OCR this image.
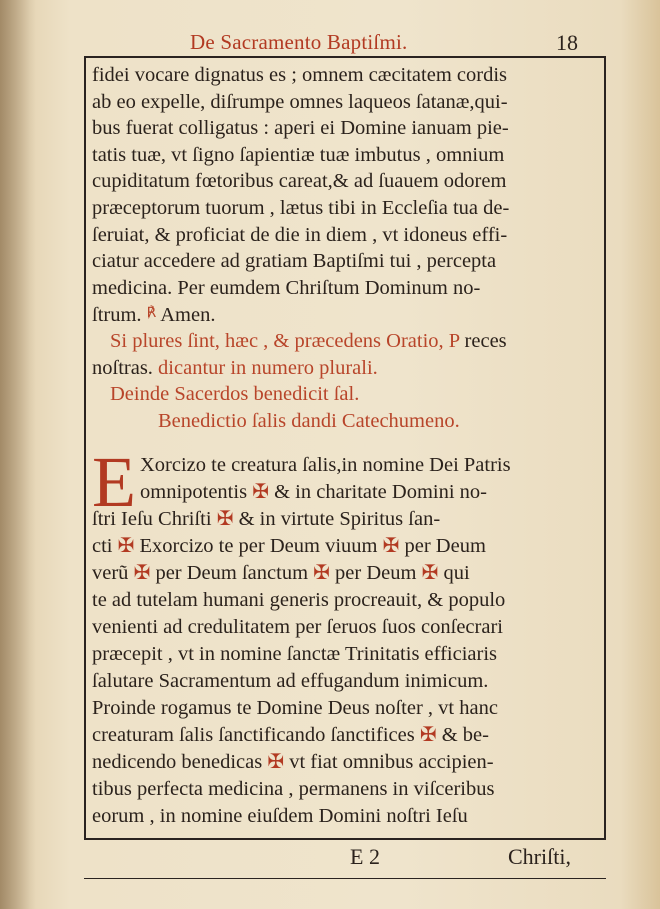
De Sacramento Baptiſmi.	18
fidei vocare dignatus es ; omnem cæcitatem cordis
ab eo expelle, diſrumpe omnes laqueos ſatanæ,qui-
bus fuerat colligatus : aperi ei Domine ianuam pie-
tatis tuæ, vt ſigno ſapientiæ tuæ imbutus , omnium
cupiditatum fœtoribus careat,& ad ſuauem odorem
præceptorum tuorum , lætus tibi in Eccleſia tua de-
ſeruiat, & proficiat de die in diem , vt idoneus effi-
ciatur accedere ad gratiam Baptiſmi tui , percepta
medicina. Per eumdem Chriſtum Dominum no-
ſtrum. ℟ Amen.
Si plures ſint, hæc , & præcedens Oratio, P reces
noſtras. dicantur in numero plurali.
Deinde Sacerdos benedicit ſal.
Benedictio ſalis dandi Catechumeno.
E Xorcizo te creatura ſalis,in nomine Dei Patris
omnipotentis ✠ & in charitate Domini no-
ſtri Ieſu Chriſti ✠ & in virtute Spiritus ſan-
cti ✠ Exorcizo te per Deum viuum ✠ per Deum
verũ ✠ per Deum ſanctum ✠ per Deum ✠ qui
te ad tutelam humani generis procreauit, & populo
venienti ad credulitatem per ſeruos ſuos conſecrari
præcepit , vt in nomine ſanctæ Trinitatis efficiaris
ſalutare Sacramentum ad effugandum inimicum.
Proinde rogamus te Domine Deus noſter , vt hanc
creaturam ſalis ſanctificando ſanctifices ✠ & be-
nedicendo benedicas ✠ vt fiat omnibus accipien-
tibus perfecta medicina , permanens in viſceribus
eorum , in nomine eiuſdem Domini noſtri Ieſu
E 2	Chriſti,
